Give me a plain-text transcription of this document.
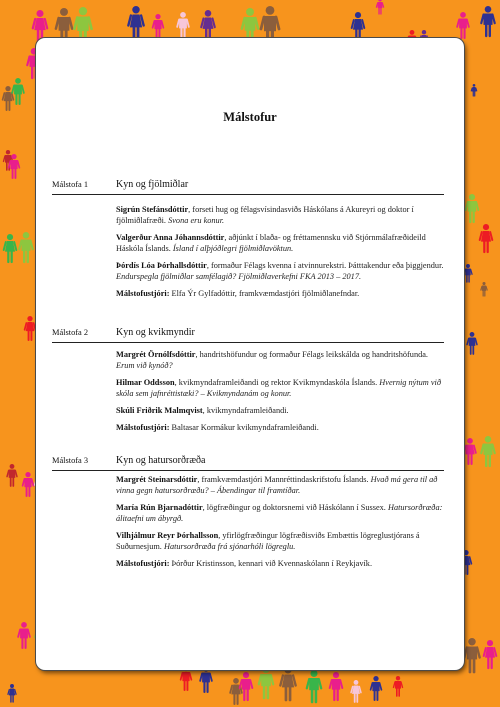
Málstofur
Málstofa 1	Kyn og fjölmiðlar
Sigrún Stefánsdóttir, forseti hug og félagsvísindasviðs Háskólans á Akureyri og doktor í fjölmiðlafræði. Svona eru konur.
Valgerður Anna Jóhannsdóttir, aðjúnkt í blaða- og fréttamennsku við Stjórnmálafræðideild Háskóla Íslands. Ísland í alþjóðlegri fjölmiðlavöktun.
Þórdís Lóa Þórhallsdóttir, formaður Félags kvenna í atvinnurekstri. Þátttakendur eða þiggjendur. Endurspegla fjölmiðlar samfélagið? Fjölmiðlaverkefni FKA 2013 – 2017.
Málstofustjóri: Elfa Ýr Gylfadóttir, framkvæmdastjóri fjölmiðlanefndar.
Málstofa 2	Kyn og kvikmyndir
Margrét Örnólfsdóttir, handritshöfundur og formaður Félags leikskálda og handritshöfunda. Erum við kynóð?
Hilmar Oddsson, kvikmyndaframleiðandi og rektor Kvikmyndaskóla Íslands. Hvernig nýtum við skóla sem jafnréttistæki? – Kvikmyndanám og konur.
Skúli Friðrik Malmqvist, kvikmyndaframleiðandi.
Málstofustjóri: Baltasar Kormákur kvikmyndaframleiðandi.
Málstofa 3	Kyn og hatursorðræða
Margrét Steinarsdóttir, framkvæmdastjóri Mannréttindaskrifstofu Íslands. Hvað má gera til að vinna gegn hatursorðræðu? – Ábendingar til framtíðar.
María Rún Bjarnadóttir, lögfræðingur og doktorsnemi við Háskólann í Sussex. Hatursorðræða: álitaefni um ábyrgð.
Vilhjálmur Reyr Þórhallsson, yfirlögfræðingur lögfræðisviðs Embættis lögreglustjórans á Suðurnesjum. Hatursorðræða frá sjónarhóli lögreglu.
Málstofustjóri: Þórður Kristinsson, kennari við Kvennaskólann í Reykjavík.
